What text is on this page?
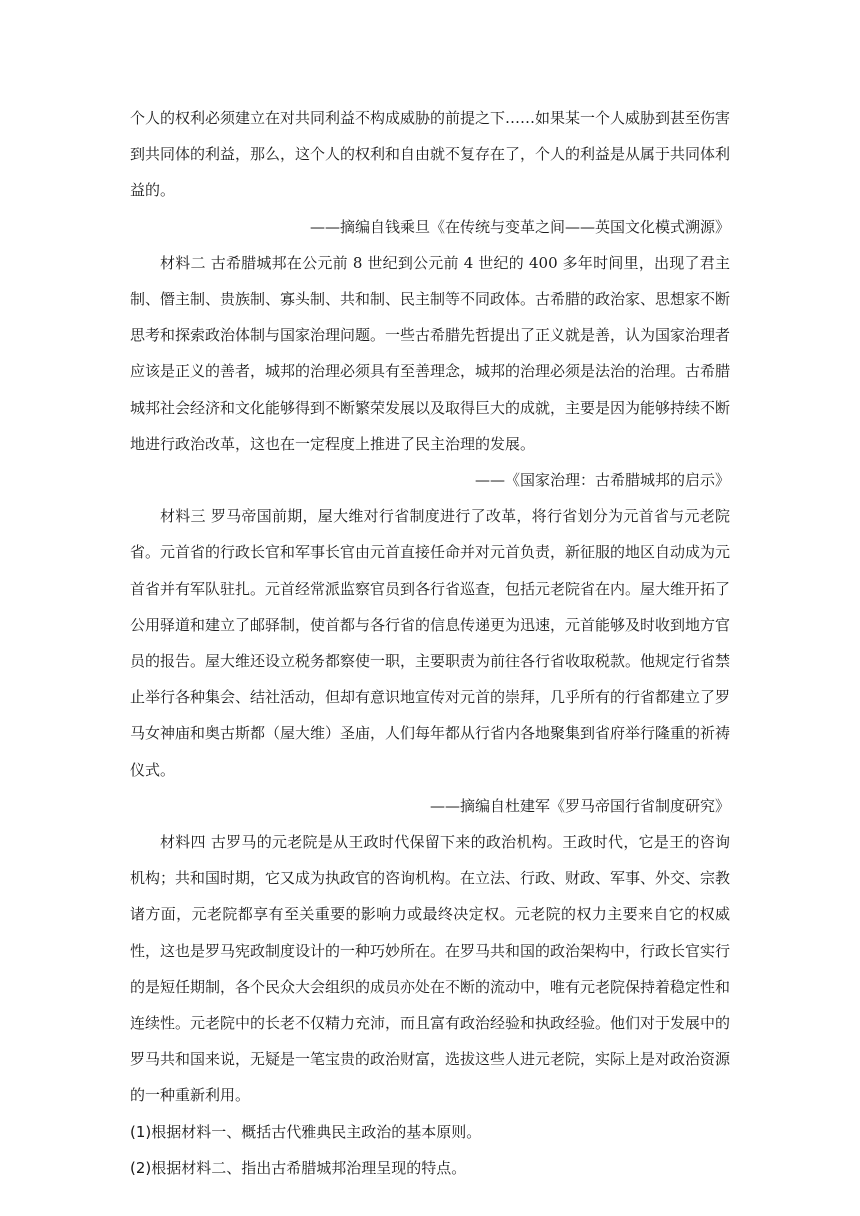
个人的权利必须建立在对共同利益不构成威胁的前提之下……如果某一个人威胁到甚至伤害到共同体的利益，那么，这个人的权利和自由就不复存在了，个人的利益是从属于共同体利益的。

——摘编自钱乘旦《在传统与变革之间——英国文化模式溯源》

材料二 古希腊城邦在公元前 8 世纪到公元前 4 世纪的 400 多年时间里，出现了君主制、僭主制、贵族制、寡头制、共和制、民主制等不同政体。古希腊的政治家、思想家不断思考和探索政治体制与国家治理问题。一些古希腊先哲提出了正义就是善，认为国家治理者应该是正义的善者，城邦的治理必须具有至善理念，城邦的治理必须是法治的治理。古希腊城邦社会经济和文化能够得到不断繁荣发展以及取得巨大的成就，主要是因为能够持续不断地进行政治改革，这也在一定程度上推进了民主治理的发展。

——《国家治理：古希腊城邦的启示》

材料三 罗马帝国前期，屋大维对行省制度进行了改革，将行省划分为元首省与元老院省。元首省的行政长官和军事长官由元首直接任命并对元首负责，新征服的地区自动成为元首省并有军队驻扎。元首经常派监察官员到各行省巡查，包括元老院省在内。屋大维开拓了公用驿道和建立了邮驿制，使首都与各行省的信息传递更为迅速，元首能够及时收到地方官员的报告。屋大维还设立税务都察使一职，主要职责为前往各行省收取税款。他规定行省禁止举行各种集会、结社活动，但却有意识地宣传对元首的崇拜，几乎所有的行省都建立了罗马女神庙和奥古斯都（屋大维）圣庙，人们每年都从行省内各地聚集到省府举行隆重的祈祷仪式。

——摘编自杜建军《罗马帝国行省制度研究》

材料四 古罗马的元老院是从王政时代保留下来的政治机构。王政时代，它是王的咨询机构；共和国时期，它又成为执政官的咨询机构。在立法、行政、财政、军事、外交、宗教诸方面，元老院都享有至关重要的影响力或最终决定权。元老院的权力主要来自它的权威性，这也是罗马宪政制度设计的一种巧妙所在。在罗马共和国的政治架构中，行政长官实行的是短任期制，各个民众大会组织的成员亦处在不断的流动中，唯有元老院保持着稳定性和连续性。元老院中的长老不仅精力充沛，而且富有政治经验和执政经验。他们对于发展中的罗马共和国来说，无疑是一笔宝贵的政治财富，选拔这些人进元老院，实际上是对政治资源的一种重新利用。

(1)根据材料一、概括古代雅典民主政治的基本原则。

(2)根据材料二、指出古希腊城邦治理呈现的特点。
